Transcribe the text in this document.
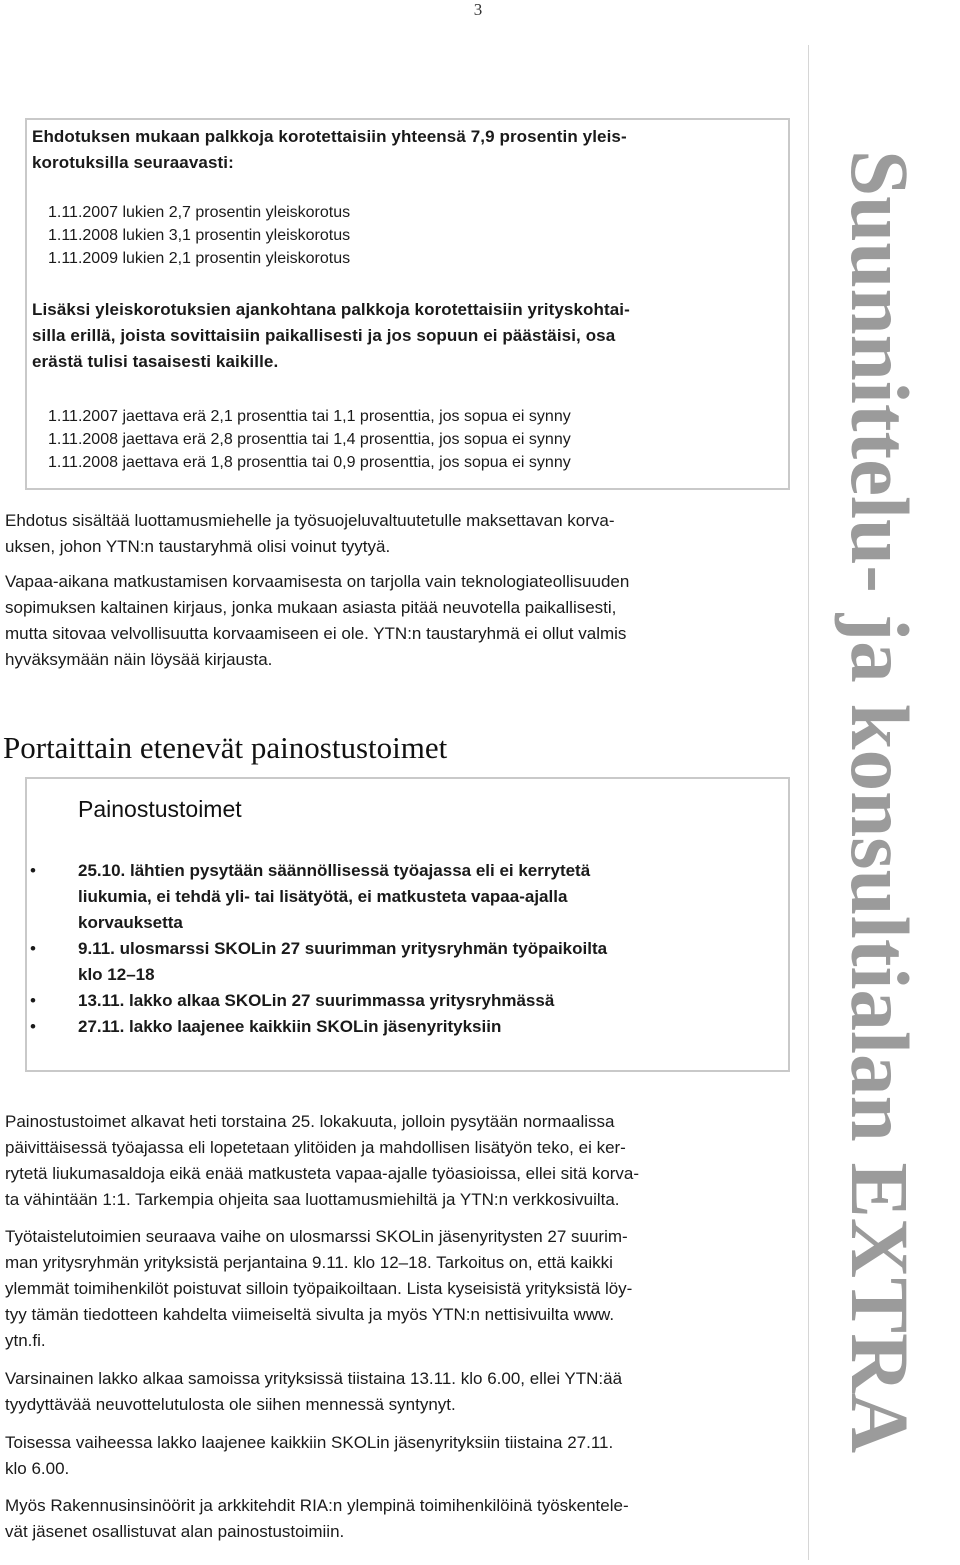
3
Suunnittelu- ja konsultialan EXTRA

Ehdotuksen mukaan palkkoja korotettaisiin yhteensä 7,9 prosentin yleis-
korotuksilla seuraavasti:

1.11.2007 lukien 2,7 prosentin yleiskorotus
1.11.2008 lukien 3,1 prosentin yleiskorotus
1.11.2009 lukien 2,1 prosentin yleiskorotus

Lisäksi yleiskorotuksien ajankohtana palkkoja korotettaisiin yrityskohtai-
silla erillä, joista sovittaisiin paikallisesti ja jos sopuun ei päästäisi, osa
erästä tulisi tasaisesti kaikille.

1.11.2007 jaettava erä 2,1 prosenttia tai 1,1 prosenttia, jos sopua ei synny
1.11.2008 jaettava erä 2,8 prosenttia tai 1,4 prosenttia, jos sopua ei synny
1.11.2008 jaettava erä 1,8 prosenttia tai 0,9 prosenttia, jos sopua ei synny

Ehdotus sisältää luottamusmiehelle ja työsuojeluvaltuutetulle maksettavan korva-
uksen, johon YTN:n taustaryhmä olisi voinut tyytyä.

Vapaa-aikana matkustamisen korvaamisesta on tarjolla vain teknologiateollisuuden
sopimuksen kaltainen kirjaus, jonka mukaan asiasta pitää neuvotella paikallisesti,
mutta sitovaa velvollisuutta korvaamiseen ei ole. YTN:n taustaryhmä ei ollut valmis
hyväksymään näin löysää kirjausta.

Portaittain etenevät painostustoimet
Painostustoimet
• 25.10. lähtien pysytään säännöllisessä työajassa eli ei kerrytetä
liukumia, ei tehdä yli- tai lisätyötä, ei matkusteta vapaa-ajalla
korvauksetta
• 9.11. ulosmarssi SKOLin 27 suurimman yritysryhmän työpaikoilta
klo 12–18
• 13.11. lakko alkaa SKOLin 27 suurimmassa yritysryhmässä
• 27.11. lakko laajenee kaikkiin SKOLin jäsenyrityksiin

Painostustoimet alkavat heti torstaina 25. lokakuuta, jolloin pysytään normaalissa
päivittäisessä työajassa eli lopetetaan ylitöiden ja mahdollisen lisätyön teko, ei ker-
rytetä liukumasaldoja eikä enää matkusteta vapaa-ajalle työasioissa, ellei sitä korva-
ta vähintään 1:1. Tarkempia ohjeita saa luottamusmiehiltä ja YTN:n verkkosivuilta.

Työtaistelutoimien seuraava vaihe on ulosmarssi SKOLin jäsenyritysten 27 suurim-
man yritysryhmän yrityksistä perjantaina 9.11. klo 12–18. Tarkoitus on, että kaikki
ylemmät toimihenkilöt poistuvat silloin työpaikoiltaan. Lista kyseisistä yrityksistä löy-
tyy tämän tiedotteen kahdelta viimeiseltä sivulta ja myös YTN:n nettisivuilta www.
ytn.fi.

Varsinainen lakko alkaa samoissa yrityksissä tiistaina 13.11. klo 6.00, ellei YTN:ää
tyydyttävää neuvottelutulosta ole siihen mennessä syntynyt.

Toisessa vaiheessa lakko laajenee kaikkiin SKOLin jäsenyrityksiin tiistaina 27.11.
klo 6.00.

Myös Rakennusinsinöörit ja arkkitehdit RIA:n ylempinä toimihenkilöinä työskentele-
vät jäsenet osallistuvat alan painostustoimiin.
